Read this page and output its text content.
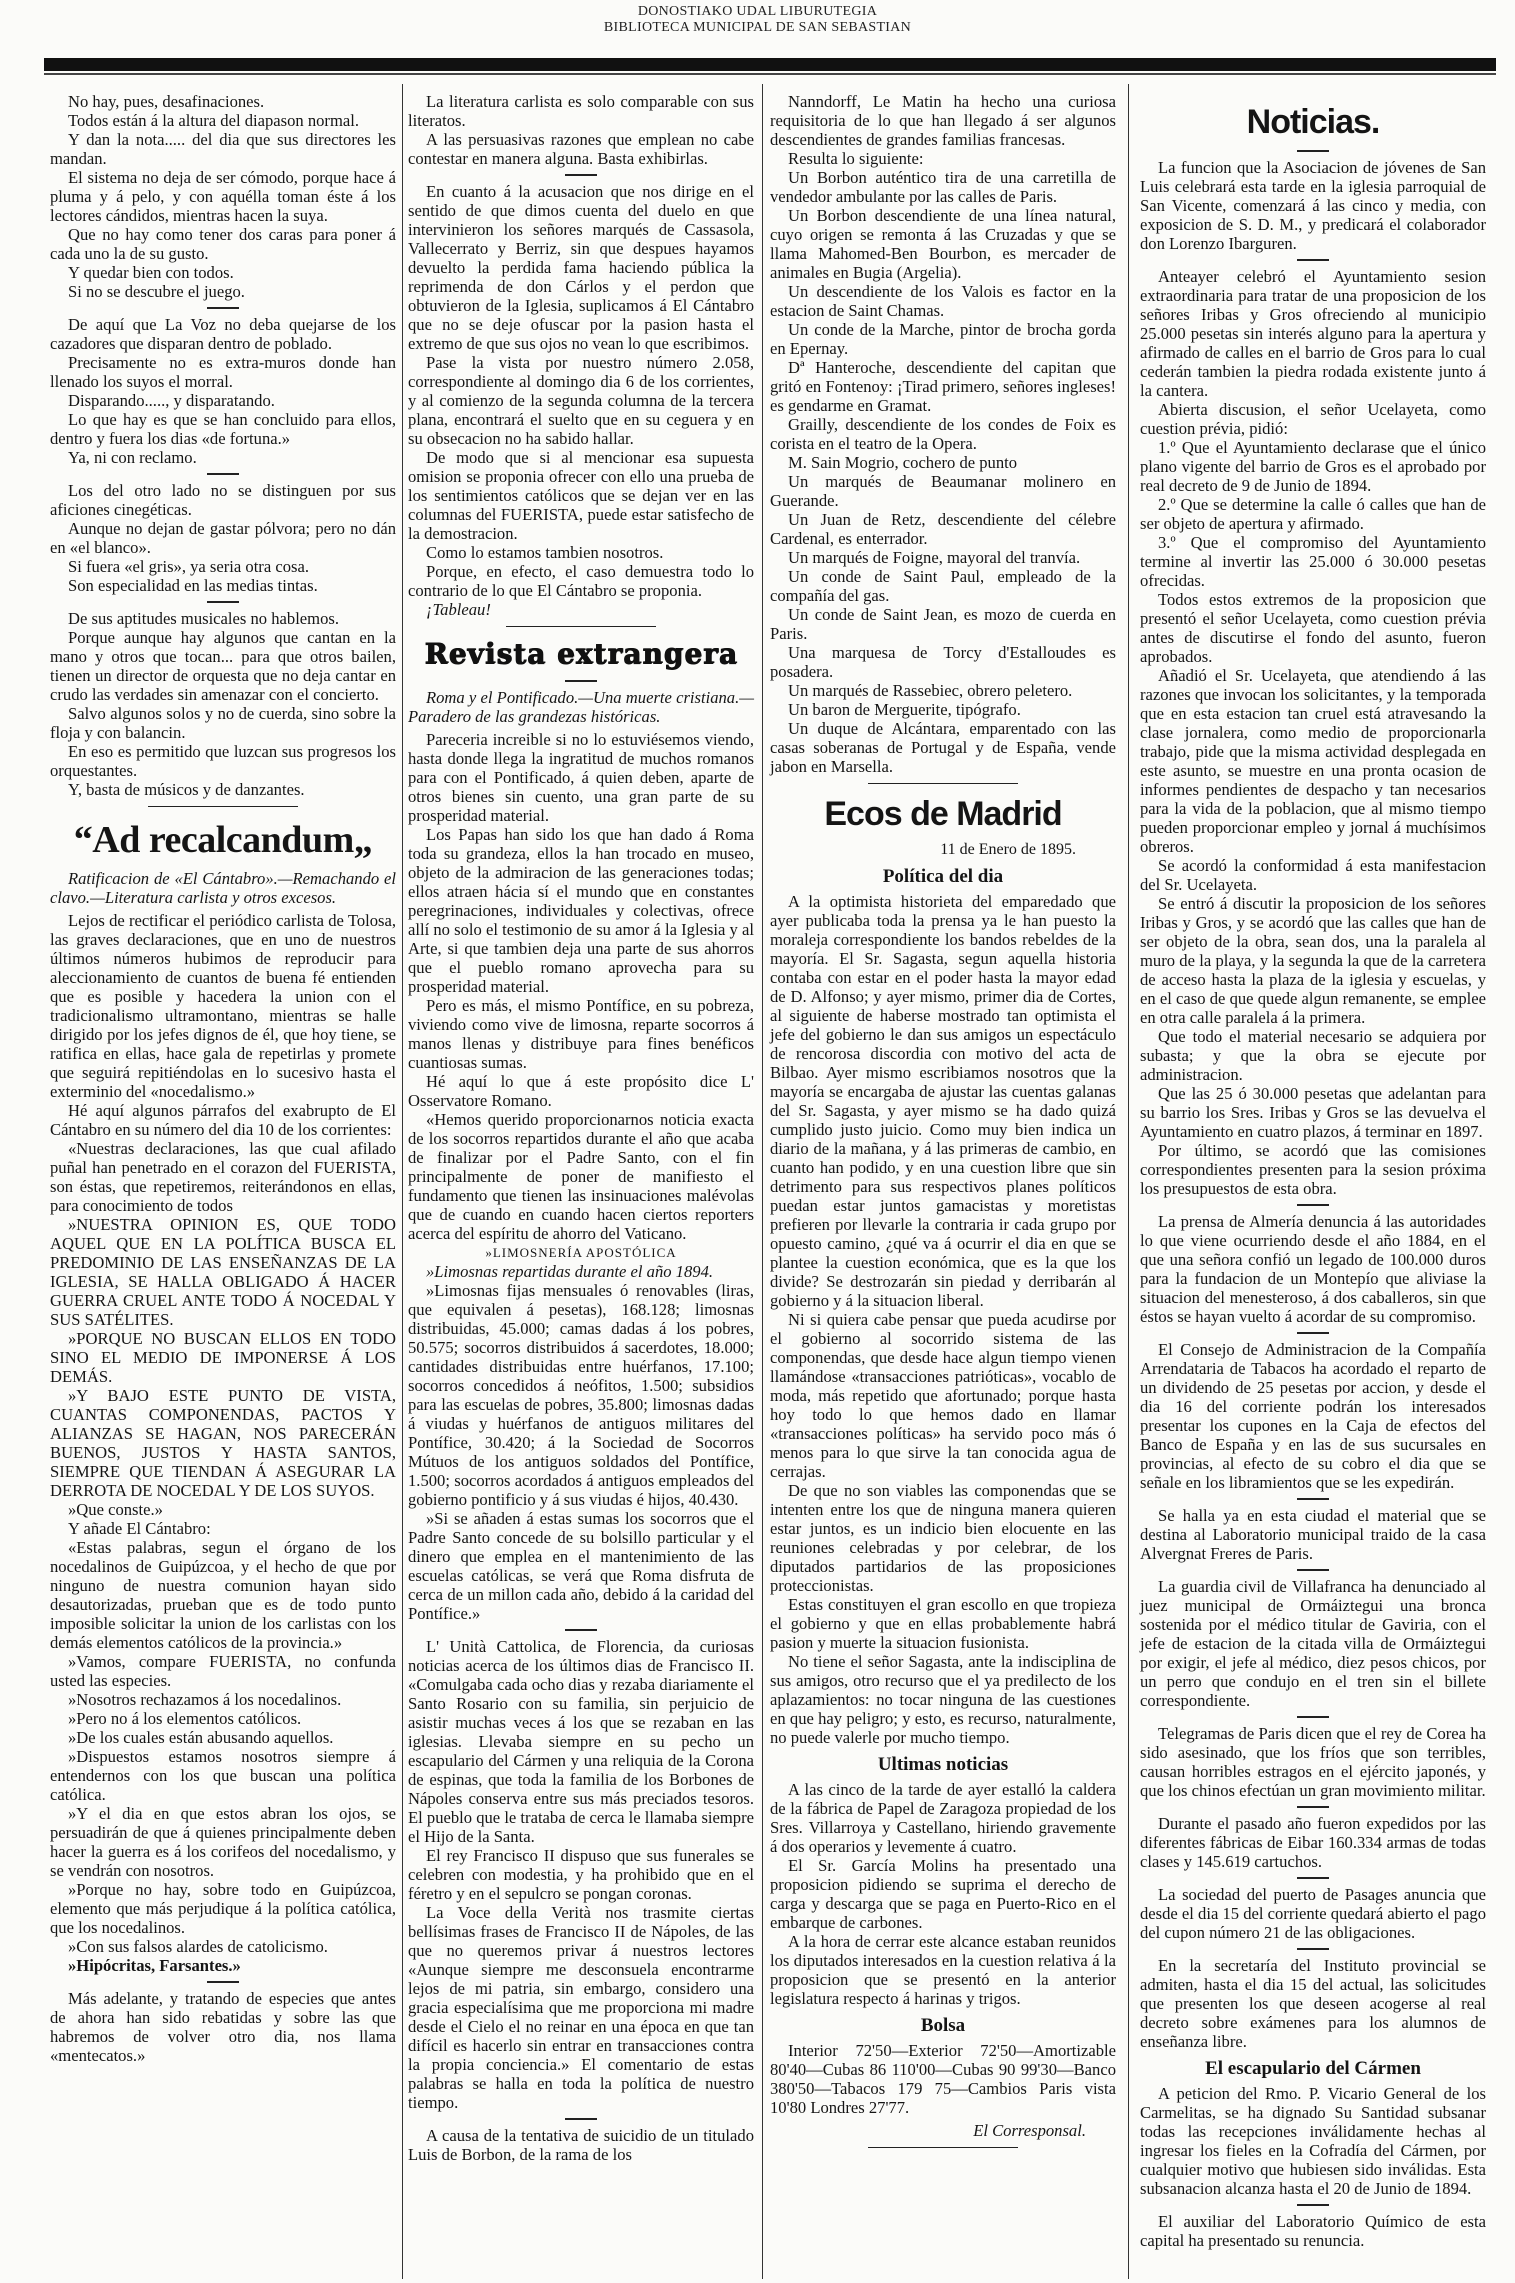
DONOSTIAKO UDAL LIBURUTEGIA
BIBLIOTECA MUNICIPAL DE SAN SEBASTIAN
No hay, pues, desafinaciones.
Todos están á la altura del diapason normal.
Y dan la nota..... del dia que sus directores les mandan.
El sistema no deja de ser cómodo, porque hace á pluma y á pelo, y con aquélla toman éste á los lectores cándidos, mientras hacen la suya.
Que no hay como tener dos caras para poner á cada uno la de su gusto.
Y quedar bien con todos.
Si no se descubre el juego.
De aquí que La Voz no deba quejarse de los cazadores que disparan dentro de poblado.
Precisamente no es extra-muros donde han llenado los suyos el morral.
Disparando....., y disparatando.
Lo que hay es que se han concluido para ellos, dentro y fuera los dias «de fortuna.»
Ya, ni con reclamo.
Los del otro lado no se distinguen por sus aficiones cinegéticas.
Aunque no dejan de gastar pólvora; pero no dán en «el blanco».
Si fuera «el gris», ya seria otra cosa.
Son especialidad en las medias tintas.
De sus aptitudes musicales no hablemos.
Porque aunque hay algunos que cantan en la mano y otros que tocan... para que otros bailen, tienen un director de orquesta que no deja cantar en crudo las verdades sin amenazar con el concierto.
Salvo algunos solos y no de cuerda, sino sobre la floja y con balancin.
En eso es permitido que luzcan sus progresos los orquestantes.
Y, basta de músicos y de danzantes.
“Ad recalcandum„
Ratificacion de «El Cántabro».—Remachando el clavo.—Literatura carlista y otros excesos.
Lejos de rectificar el periódico carlista de Tolosa, las graves declaraciones, que en uno de nuestros últimos números hubimos de reproducir para aleccionamiento de cuantos de buena fé entienden que es posible y hacedera la union con el tradicionalismo ultramontano, mientras se halle dirigido por los jefes dignos de él, que hoy tiene, se ratifica en ellas, hace gala de repetirlas y promete que seguirá repitiéndolas en lo sucesivo hasta el exterminio del «nocedalismo.»
Hé aquí algunos párrafos del exabrupto de El Cántabro en su número del dia 10 de los corrientes:
«Nuestras declaraciones, las que cual afilado puñal han penetrado en el corazon del FUERISTA, son éstas, que repetiremos, reiterándonos en ellas, para conocimiento de todos
»NUESTRA OPINION ES, QUE TODO AQUEL QUE EN LA POLÍTICA BUSCA EL PREDOMINIO DE LAS ENSEÑANZAS DE LA IGLESIA, SE HALLA OBLIGADO Á HACER GUERRA CRUEL ANTE TODO Á NOCEDAL Y SUS SATÉLITES.
»PORQUE NO BUSCAN ELLOS EN TODO SINO EL MEDIO DE IMPONERSE Á LOS DEMÁS.
»Y BAJO ESTE PUNTO DE VISTA, CUANTAS COMPONENDAS, PACTOS Y ALIANZAS SE HAGAN, NOS PARECERÁN BUENOS, JUSTOS Y HASTA SANTOS, SIEMPRE QUE TIENDAN Á ASEGURAR LA DERROTA DE NOCEDAL Y DE LOS SUYOS.
»Que conste.»
Y añade El Cántabro:
«Estas palabras, segun el órgano de los nocedalinos de Guipúzcoa, y el hecho de que por ninguno de nuestra comunion hayan sido desautorizadas, prueban que es de todo punto imposible solicitar la union de los carlistas con los demás elementos católicos de la provincia.»
»Vamos, compare FUERISTA, no confunda usted las especies.
»Nosotros rechazamos á los nocedalinos.
»Pero no á los elementos católicos.
»De los cuales están abusando aquellos.
»Dispuestos estamos nosotros siempre á entendernos con los que buscan una política católica.
»Y el dia en que estos abran los ojos, se persuadirán de que á quienes principalmente deben hacer la guerra es á los corifeos del nocedalismo, y se vendrán con nosotros.
»Porque no hay, sobre todo en Guipúzcoa, elemento que más perjudique á la política católica, que los nocedalinos.
»Con sus falsos alardes de catolicismo.
»Hipócritas, Farsantes.»
Más adelante, y tratando de especies que antes de ahora han sido rebatidas y sobre las que habremos de volver otro dia, nos llama «mentecatos.»
La literatura carlista es solo comparable con sus literatos.
A las persuasivas razones que emplean no cabe contestar en manera alguna. Basta exhibirlas.
En cuanto á la acusacion que nos dirige en el sentido de que dimos cuenta del duelo en que intervinieron los señores marqués de Cassasola, Vallecerrato y Berriz, sin que despues hayamos devuelto la perdida fama haciendo pública la reprimenda de don Cárlos y el perdon que obtuvieron de la Iglesia, suplicamos á El Cántabro que no se deje ofuscar por la pasion hasta el extremo de que sus ojos no vean lo que escribimos.
Pase la vista por nuestro número 2.058, correspondiente al domingo dia 6 de los corrientes, y al comienzo de la segunda columna de la tercera plana, encontrará el suelto que en su ceguera y en su obsecacion no ha sabido hallar.
De modo que si al mencionar esa supuesta omision se proponia ofrecer con ello una prueba de los sentimientos católicos que se dejan ver en las columnas del FUERISTA, puede estar satisfecho de la demostracion.
Como lo estamos tambien nosotros.
Porque, en efecto, el caso demuestra todo lo contrario de lo que El Cántabro se proponia.
¡Tableau!
Revista extrangera
Roma y el Pontificado.—Una muerte cristiana.—Paradero de las grandezas históricas.
Pareceria increible si no lo estuviésemos viendo, hasta donde llega la ingratitud de muchos romanos para con el Pontificado, á quien deben, aparte de otros bienes sin cuento, una gran parte de su prosperidad material.
Los Papas han sido los que han dado á Roma toda su grandeza, ellos la han trocado en museo, objeto de la admiracion de las generaciones todas; ellos atraen hácia sí el mundo que en constantes peregrinaciones, individuales y colectivas, ofrece allí no solo el testimonio de su amor á la Iglesia y al Arte, si que tambien deja una parte de sus ahorros que el pueblo romano aprovecha para su prosperidad material.
Pero es más, el mismo Pontífice, en su pobreza, viviendo como vive de limosna, reparte socorros á manos llenas y distribuye para fines benéficos cuantiosas sumas.
Hé aquí lo que á este propósito dice L' Osservatore Romano.
«Hemos querido proporcionarnos noticia exacta de los socorros repartidos durante el año que acaba de finalizar por el Padre Santo, con el fin principalmente de poner de manifiesto el fundamento que tienen las insinuaciones malévolas que de cuando en cuando hacen ciertos reporters acerca del espíritu de ahorro del Vaticano.
»LIMOSNERÍA APOSTÓLICA
»Limosnas repartidas durante el año 1894.
»Limosnas fijas mensuales ó renovables (liras, que equivalen á pesetas), 168.128; limosnas distribuidas, 45.000; camas dadas á los pobres, 50.575; socorros distribuidos á sacerdotes, 18.000; cantidades distribuidas entre huérfanos, 17.100; socorros concedidos á neófitos, 1.500; subsidios para las escuelas de pobres, 35.800; limosnas dadas á viudas y huérfanos de antiguos militares del Pontífice, 30.420; á la Sociedad de Socorros Mútuos de los antiguos soldados del Pontífice, 1.500; socorros acordados á antiguos empleados del gobierno pontificio y á sus viudas é hijos, 40.430.
»Si se añaden á estas sumas los socorros que el Padre Santo concede de su bolsillo particular y el dinero que emplea en el mantenimiento de las escuelas católicas, se verá que Roma disfruta de cerca de un millon cada año, debido á la caridad del Pontífice.»
L' Unità Cattolica, de Florencia, da curiosas noticias acerca de los últimos dias de Francisco II. «Comulgaba cada ocho dias y rezaba diariamente el Santo Rosario con su familia, sin perjuicio de asistir muchas veces á los que se rezaban en las iglesias. Llevaba siempre en su pecho un escapulario del Cármen y una reliquia de la Corona de espinas, que toda la familia de los Borbones de Nápoles conserva entre sus más preciados tesoros. El pueblo que le trataba de cerca le llamaba siempre el Hijo de la Santa.
El rey Francisco II dispuso que sus funerales se celebren con modestia, y ha prohibido que en el féretro y en el sepulcro se pongan coronas.
La Voce della Verità nos trasmite ciertas bellísimas frases de Francisco II de Nápoles, de las que no queremos privar á nuestros lectores «Aunque siempre me desconsuela encontrarme lejos de mi patria, sin embargo, considero una gracia especialísima que me proporciona mi madre desde el Cielo el no reinar en una época en que tan difícil es hacerlo sin entrar en transacciones contra la propia conciencia.» El comentario de estas palabras se halla en toda la política de nuestro tiempo.
A causa de la tentativa de suicidio de un titulado Luis de Borbon, de la rama de los
Nanndorff, Le Matin ha hecho una curiosa requisitoria de lo que han llegado á ser algunos descendientes de grandes familias francesas.
Resulta lo siguiente:
Un Borbon auténtico tira de una carretilla de vendedor ambulante por las calles de Paris.
Un Borbon descendiente de una línea natural, cuyo origen se remonta á las Cruzadas y que se llama Mahomed-Ben Bourbon, es mercader de animales en Bugia (Argelia).
Un descendiente de los Valois es factor en la estacion de Saint Chamas.
Un conde de la Marche, pintor de brocha gorda en Epernay.
Dª Hanteroche, descendiente del capitan que gritó en Fontenoy: ¡Tirad primero, señores ingleses! es gendarme en Gramat.
Grailly, descendiente de los condes de Foix es corista en el teatro de la Opera.
M. Sain Mogrio, cochero de punto
Un marqués de Beaumanar molinero en Guerande.
Un Juan de Retz, descendiente del célebre Cardenal, es enterrador.
Un marqués de Foigne, mayoral del tranvía.
Un conde de Saint Paul, empleado de la compañía del gas.
Un conde de Saint Jean, es mozo de cuerda en Paris.
Una marquesa de Torcy d'Estalloudes es posadera.
Un marqués de Rassebiec, obrero peletero.
Un baron de Merguerite, tipógrafo.
Un duque de Alcántara, emparentado con las casas soberanas de Portugal y de España, vende jabon en Marsella.
Ecos de Madrid
11 de Enero de 1895.
Política del dia
A la optimista historieta del emparedado que ayer publicaba toda la prensa ya le han puesto la moraleja correspondiente los bandos rebeldes de la mayoría. El Sr. Sagasta, segun aquella historia contaba con estar en el poder hasta la mayor edad de D. Alfonso; y ayer mismo, primer dia de Cortes, al siguiente de haberse mostrado tan optimista el jefe del gobierno le dan sus amigos un espectáculo de rencorosa discordia con motivo del acta de Bilbao. Ayer mismo escribiamos nosotros que la mayoría se encargaba de ajustar las cuentas galanas del Sr. Sagasta, y ayer mismo se ha dado quizá cumplido justo juicio. Como muy bien indica un diario de la mañana, y á las primeras de cambio, en cuanto han podido, y en una cuestion libre que sin detrimento para sus respectivos planes políticos puedan estar juntos gamacistas y moretistas prefieren por llevarle la contraria ir cada grupo por opuesto camino, ¿qué va á ocurrir el dia en que se plantee la cuestion económica, que es la que los divide? Se destrozarán sin piedad y derribarán al gobierno y á la situacion liberal.
Ni si quiera cabe pensar que pueda acudirse por el gobierno al socorrido sistema de las componendas, que desde hace algun tiempo vienen llamándose «transacciones patrióticas», vocablo de moda, más repetido que afortunado; porque hasta hoy todo lo que hemos dado en llamar «transacciones políticas» ha servido poco más ó menos para lo que sirve la tan conocida agua de cerrajas.
De que no son viables las componendas que se intenten entre los que de ninguna manera quieren estar juntos, es un indicio bien elocuente en las reuniones celebradas y por celebrar, de los diputados partidarios de las proposiciones proteccionistas.
Estas constituyen el gran escollo en que tropieza el gobierno y que en ellas probablemente habrá pasion y muerte la situacion fusionista.
No tiene el señor Sagasta, ante la indisciplina de sus amigos, otro recurso que el ya predilecto de los aplazamientos: no tocar ninguna de las cuestiones en que hay peligro; y esto, es recurso, naturalmente, no puede valerle por mucho tiempo.
Ultimas noticias
A las cinco de la tarde de ayer estalló la caldera de la fábrica de Papel de Zaragoza propiedad de los Sres. Villarroya y Castellano, hiriendo gravemente á dos operarios y levemente á cuatro.
El Sr. García Molins ha presentado una proposicion pidiendo se suprima el derecho de carga y descarga que se paga en Puerto-Rico en el embarque de carbones.
A la hora de cerrar este alcance estaban reunidos los diputados interesados en la cuestion relativa á la proposicion que se presentó en la anterior legislatura respecto á harinas y trigos.
Bolsa
Interior 72'50—Exterior 72'50—Amortizable 80'40—Cubas 86 110'00—Cubas 90 99'30—Banco 380'50—Tabacos 179 75—Cambios Paris vista 10'80 Londres 27'77.
El Corresponsal.
Noticias.
La funcion que la Asociacion de jóvenes de San Luis celebrará esta tarde en la iglesia parroquial de San Vicente, comenzará á las cinco y media, con exposicion de S. D. M., y predicará el colaborador don Lorenzo Ibarguren.
Anteayer celebró el Ayuntamiento sesion extraordinaria para tratar de una proposicion de los señores Iribas y Gros ofreciendo al municipio 25.000 pesetas sin interés alguno para la apertura y afirmado de calles en el barrio de Gros para lo cual cederán tambien la piedra rodada existente junto á la cantera.
Abierta discusion, el señor Ucelayeta, como cuestion prévia, pidió:
1.º Que el Ayuntamiento declarase que el único plano vigente del barrio de Gros es el aprobado por real decreto de 9 de Junio de 1894.
2.º Que se determine la calle ó calles que han de ser objeto de apertura y afirmado.
3.º Que el compromiso del Ayuntamiento termine al invertir las 25.000 ó 30.000 pesetas ofrecidas.
Todos estos extremos de la proposicion que presentó el señor Ucelayeta, como cuestion prévia antes de discutirse el fondo del asunto, fueron aprobados.
Añadió el Sr. Ucelayeta, que atendiendo á las razones que invocan los solicitantes, y la temporada que en esta estacion tan cruel está atravesando la clase jornalera, como medio de proporcionarla trabajo, pide que la misma actividad desplegada en este asunto, se muestre en una pronta ocasion de informes pendientes de despacho y tan necesarios para la vida de la poblacion, que al mismo tiempo pueden proporcionar empleo y jornal á muchísimos obreros.
Se acordó la conformidad á esta manifestacion del Sr. Ucelayeta.
Se entró á discutir la proposicion de los señores Iribas y Gros, y se acordó que las calles que han de ser objeto de la obra, sean dos, una la paralela al muro de la playa, y la segunda la que de la carretera de acceso hasta la plaza de la iglesia y escuelas, y en el caso de que quede algun remanente, se emplee en otra calle paralela á la primera.
Que todo el material necesario se adquiera por subasta; y que la obra se ejecute por administracion.
Que las 25 ó 30.000 pesetas que adelantan para su barrio los Sres. Iribas y Gros se las devuelva el Ayuntamiento en cuatro plazos, á terminar en 1897.
Por último, se acordó que las comisiones correspondientes presenten para la sesion próxima los presupuestos de esta obra.
La prensa de Almería denuncia á las autoridades lo que viene ocurriendo desde el año 1884, en el que una señora confió un legado de 100.000 duros para la fundacion de un Montepío que aliviase la situacion del menesteroso, á dos caballeros, sin que éstos se hayan vuelto á acordar de su compromiso.
El Consejo de Administracion de la Compañía Arrendataria de Tabacos ha acordado el reparto de un dividendo de 25 pesetas por accion, y desde el dia 16 del corriente podrán los interesados presentar los cupones en la Caja de efectos del Banco de España y en las de sus sucursales en provincias, al efecto de su cobro el dia que se señale en los libramientos que se les expedirán.
Se halla ya en esta ciudad el material que se destina al Laboratorio municipal traido de la casa Alvergnat Freres de Paris.
La guardia civil de Villafranca ha denunciado al juez municipal de Ormáiztegui una bronca sostenida por el médico titular de Gaviria, con el jefe de estacion de la citada villa de Ormáiztegui por exigir, el jefe al médico, diez pesos chicos, por un perro que condujo en el tren sin el billete correspondiente.
Telegramas de Paris dicen que el rey de Corea ha sido asesinado, que los fríos que son terribles, causan horribles estragos en el ejército japonés, y que los chinos efectúan un gran movimiento militar.
Durante el pasado año fueron expedidos por las diferentes fábricas de Eibar 160.334 armas de todas clases y 145.619 cartuchos.
La sociedad del puerto de Pasages anuncia que desde el dia 15 del corriente quedará abierto el pago del cupon número 21 de las obligaciones.
En la secretaría del Instituto provincial se admiten, hasta el dia 15 del actual, las solicitudes que presenten los que deseen acogerse al real decreto sobre exámenes para los alumnos de enseñanza libre.
El escapulario del Cármen
A peticion del Rmo. P. Vicario General de los Carmelitas, se ha dignado Su Santidad subsanar todas las recepciones inválidamente hechas al ingresar los fieles en la Cofradía del Cármen, por cualquier motivo que hubiesen sido inválidas. Esta subsanacion alcanza hasta el 20 de Junio de 1894.
El auxiliar del Laboratorio Químico de esta capital ha presentado su renuncia.
